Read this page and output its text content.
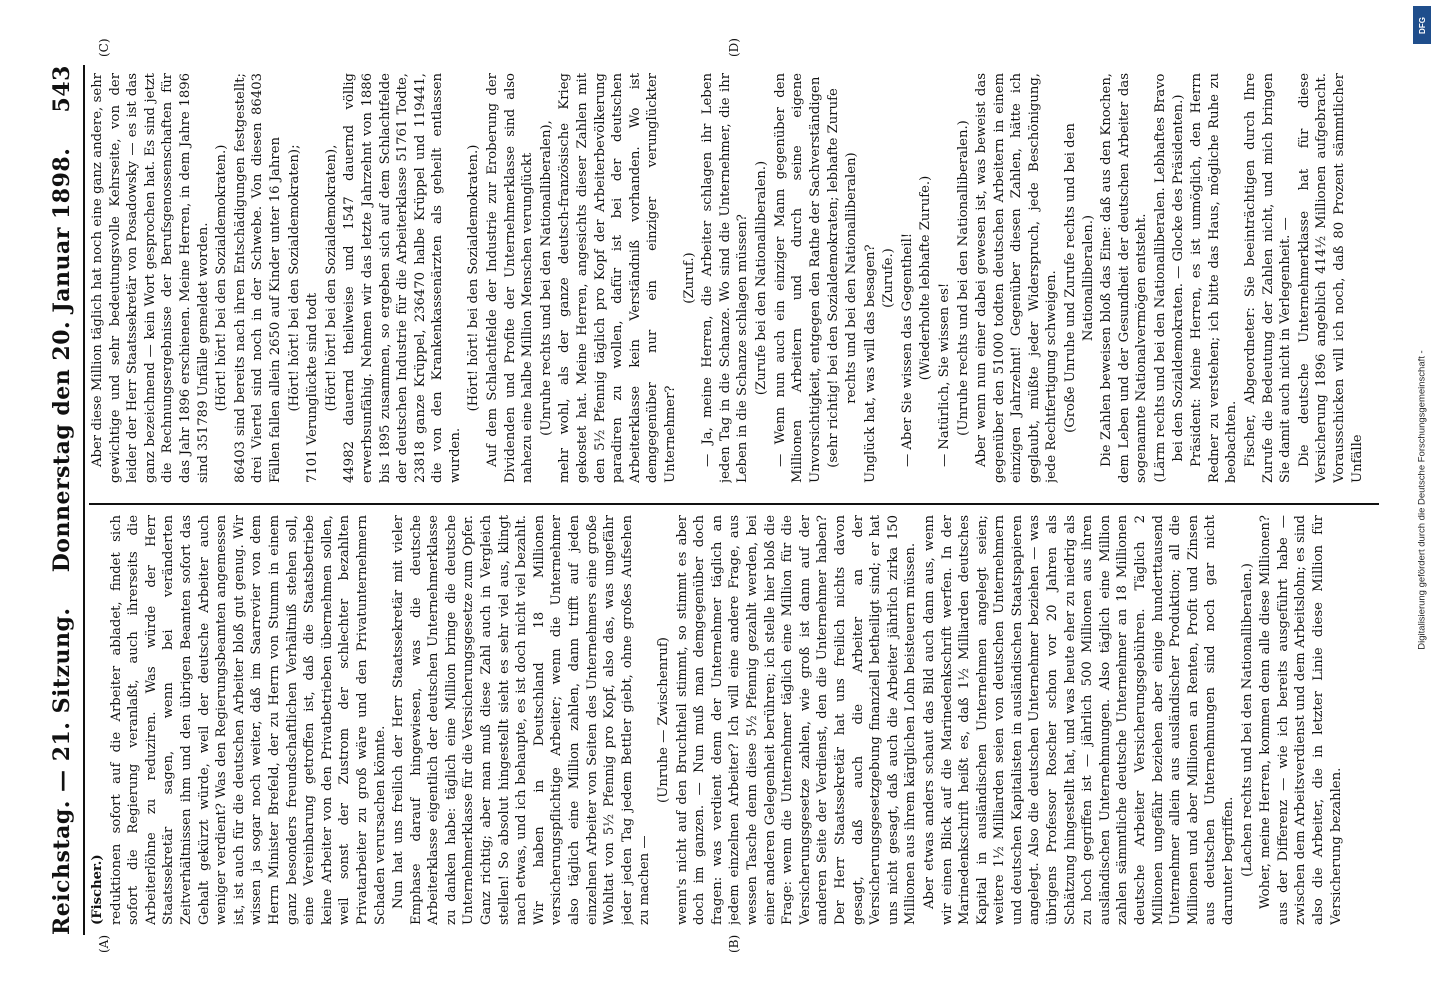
Reichstag. — 21. Sitzung.
Donnerstag den 20. Januar 1898.
543
(A)	(B)
(C)	(D)

(Fischer.) reduktionen sofort auf die Arbeiter abladet, findet sich sofort die Regierung veranlaßt, auch ihrerseits die Arbeiterlöhne zu reduziren. Was würde der Herr Staatssekretär sagen, wenn bei veränderten Zeitverhältnissen ihm und den übrigen Beamten sofort das Gehalt gekürzt würde, weil der deutsche Arbeiter auch weniger verdient? Was den Regierungsbeamten angemessen ist, ist auch für die deutschen Arbeiter bloß gut genug. Wir wissen ja sogar noch weiter, daß im Saarrevier von dem Herrn Minister Brefeld, der zu Herrn von Stumm in einem ganz besonders freundschaftlichen Verhältniß stehen soll, eine Vereinbarung getroffen ist, daß die Staatsbetriebe keine Arbeiter von den Privatbetrieben übernehmen sollen, weil sonst der Zustrom der schlechter bezahlten Privatarbeiter zu groß wäre und den Privatunternehmern Schaden verursachen könnte. Nun hat uns freilich der Herr Staatssekretär mit vieler Emphase darauf hingewiesen, was die deutsche Arbeiterklasse eigentlich der deutschen Unternehmerklasse zu danken habe: täglich eine Million bringe die deutsche Unternehmerklasse für die Versicherungsgesetze zum Opfer. Ganz richtig; aber man muß diese Zahl auch in Vergleich stellen! So absolut hingestellt sieht es sehr viel aus, klingt nach etwas, und ich behaupte, es ist doch nicht viel bezahlt. Wir haben in Deutschland 18 Millionen versicherungspflichtige Arbeiter; wenn die Unternehmer also täglich eine Million zahlen, dann trifft auf jeden einzelnen Arbeiter von Seiten des Unternehmers eine große Wohltat von 5½ Pfennig pro Kopf, also das, was ungefähr jeder jeden Tag jedem Bettler giebt, ohne großes Aufsehen zu machen —

(Unruhe — Zwischenruf) wenn's nicht auf den Bruchtheil stimmt, so stimmt es aber doch im ganzen. — Nun muß man demgegenüber doch fragen: was verdient denn der Unternehmer täglich an jedem einzelnen Arbeiter? Ich will eine andere Frage, aus wessen Tasche denn diese 5½ Pfennig gezahlt werden, bei einer anderen Gelegenheit berühren; ich stelle hier bloß die Frage: wenn die Unternehmer täglich eine Million für die Versicherungsgesetze zahlen, wie groß ist dann auf der anderen Seite der Verdienst, den die Unternehmer haben? Der Herr Staatssekretär hat uns freilich nichts davon gesagt, daß auch die Arbeiter an der Versicherungsgesetzgebung finanziell betheiligt sind; er hat uns nicht gesagt, daß auch die Arbeiter jährlich zirka 150 Millionen aus ihrem kärglichen Lohn beisteuern müssen. Aber etwas anders schaut das Bild auch dann aus, wenn wir einen Blick auf die Marinedenkschrift werfen. In der Marinedenkschrift heißt es, daß 1½ Milliarden deutsches Kapital in ausländischen Unternehmen angelegt seien; weitere 1½ Milliarden seien von deutschen Unternehmern und deutschen Kapitalisten in ausländischen Staatspapieren angelegt. Also die deutschen Unternehmer beziehen — was übrigens Professor Roscher schon vor 20 Jahren als Schätzung hingestellt hat, und was heute eher zu niedrig als zu hoch gegriffen ist — jährlich 500 Millionen aus ihren ausländischen Unternehmungen. Also täglich eine Million zahlen sämmtliche deutsche Unternehmer an 18 Millionen deutsche Arbeiter Versicherungsgebühren. Täglich 2 Millionen ungefähr beziehen aber einige hunderttausend Unternehmer allein aus ausländischer Produktion; all die Millionen und aber Millionen an Renten, Profit und Zinsen aus deutschen Unternehmungen sind noch gar nicht darunter begriffen. (Lachen rechts und bei den Nationalliberalen.) Woher, meine Herren, kommen denn alle diese Millionen? aus der Differenz — wie ich bereits ausgeführt habe — zwischen dem Arbeitsverdienst und dem Arbeitslohn; es sind also die Arbeiter, die in letzter Linie diese Million für Versicherung bezahlen.

Aber diese Million täglich hat noch eine ganz andere, sehr gewichtige und sehr bedeutungsvolle Kehrseite, von der leider der Herr Staatssekretär von Posadowsky — es ist das ganz bezeichnend — kein Wort gesprochen hat. Es sind jetzt die Rechnungsergebnisse der Berufsgenossenschaften für das Jahr 1896 erschienen. Meine Herren, in dem Jahre 1896 sind 351789 Unfälle gemeldet worden. (Hört! hört! bei den Sozialdemokraten.) 86403 sind bereits nach ihren Entschädigungen festgestellt; drei Viertel sind noch in der Schwebe. Von diesen 86403 Fällen fallen allein 2650 auf Kinder unter 16 Jahren (Hört! hört! bei den Sozialdemokraten); 7101 Verunglückte sind todt (Hört! hört! bei den Sozialdemokraten), 44982 dauernd theilweise und 1547 dauernd völlig erwerbsunfähig. Nehmen wir das letzte Jahrzehnt von 1886 bis 1895 zusammen, so ergeben sich auf dem Schlachtfelde der deutschen Industrie für die Arbeiterklasse 51761 Todte, 23818 ganze Krüppel, 236470 halbe Krüppel und 119441, die von den Krankenkassenärzten als geheilt entlassen wurden.

(Hört! hört! bei den Sozialdemokraten.) Auf dem Schlachtfelde der Industrie zur Eroberung der Dividenden und Profite der Unternehmerklasse sind also nahezu eine halbe Million Menschen verunglückt (Unruhe rechts und bei den Nationalliberalen), mehr wohl, als der ganze deutsch-französische Krieg gekostet hat. Meine Herren, angesichts dieser Zahlen mit den 5½ Pfennig täglich pro Kopf der Arbeiterbevölkerung paradiren zu wollen, dafür ist bei der deutschen Arbeiterklasse kein Verständniß vorhanden. Wo ist demgegenüber nur ein einziger verunglückter Unternehmer?

(Zuruf.) — Ja, meine Herren, die Arbeiter schlagen ihr Leben jeden Tag in die Schanze. Wo sind die Unternehmer, die ihr Leben in die Schanze schlagen müssen? (Zurufe bei den Nationalliberalen.) — Wenn nun auch ein einziger Mann gegenüber den Millionen Arbeitern und durch seine eigene Unvorsichtigkeit, entgegen den Rathe der Sachverständigen (sehr richtig! bei den Sozialdemokraten; lebhafte Zurufe rechts und bei den Nationalliberalen) Unglück hat, was will das besagen? (Zurufe.) — Aber Sie wissen das Gegentheil! (Wiederholte lebhafte Zurufe.) — Natürlich, Sie wissen es! (Unruhe rechts und bei den Nationalliberalen.) Aber wenn nun einer dabei gewesen ist, was beweist das gegenüber den 51000 todten deutschen Arbeitern in einem einzigen Jahrzehnt! Gegenüber diesen Zahlen, hätte ich geglaubt, müßte jeder Widerspruch, jede Beschönigung, jede Rechtfertigung schweigen. (Große Unruhe und Zurufe rechts und bei den Nationalliberalen.) Die Zahlen beweisen bloß das Eine: daß aus den Knochen, dem Leben und der Gesundheit der deutschen Arbeiter das sogenannte Nationalvermögen entsteht. (Lärm rechts und bei den Nationalliberalen. Lebhaftes Bravo bei den Sozialdemokraten. — Glocke des Präsidenten.) Präsident: Meine Herren, es ist unmöglich, den Herrn Redner zu verstehen; ich bitte das Haus, mögliche Ruhe zu beobachten. Fischer, Abgeordneter: Sie beeinträchtigen durch Ihre Zurufe die Bedeutung der Zahlen nicht, und mich bringen Sie damit auch nicht in Verlegenheit. — Die deutsche Unternehmerklasse hat für diese Versicherung 1896 angeblich 414½ Millionen aufgebracht. Vorausschicken will ich noch, daß 80 Prozent sämmtlicher Unfälle

DFG
Digitalisierung gefördert durch die Deutsche Forschungsgemeinschaft -
